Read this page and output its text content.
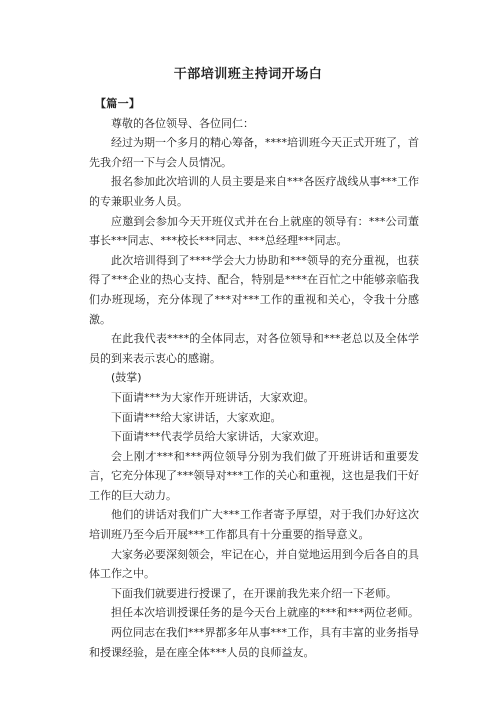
干部培训班主持词开场白

【篇一】

尊敬的各位领导、各位同仁：

经过为期一个多月的精心筹备，****培训班今天正式开班了，首先我介绍一下与会人员情况。

报名参加此次培训的人员主要是来自***各医疗战线从事***工作的专兼职业务人员。

应邀到会参加今天开班仪式并在台上就座的领导有：***公司董事长***同志、***校长***同志、***总经理***同志。

此次培训得到了****学会大力协助和***领导的充分重视，也获得了***企业的热心支持、配合，特别是****在百忙之中能够亲临我们办班现场，充分体现了***对***工作的重视和关心，令我十分感激。

在此我代表****的全体同志，对各位领导和***老总以及全体学员的到来表示衷心的感谢。

(鼓掌)

下面请***为大家作开班讲话，大家欢迎。

下面请***给大家讲话，大家欢迎。

下面请***代表学员给大家讲话，大家欢迎。

会上刚才***和***两位领导分别为我们做了开班讲话和重要发言，它充分体现了***领导对***工作的关心和重视，这也是我们干好工作的巨大动力。

他们的讲话对我们广大***工作者寄予厚望，对于我们办好这次培训班乃至今后开展***工作都具有十分重要的指导意义。

大家务必要深刻领会，牢记在心，并自觉地运用到今后各自的具体工作之中。

下面我们就要进行授课了，在开课前我先来介绍一下老师。

担任本次培训授课任务的是今天台上就座的***和***两位老师。

两位同志在我们***界都多年从事***工作，具有丰富的业务指导和授课经验，是在座全体***人员的良师益友。
